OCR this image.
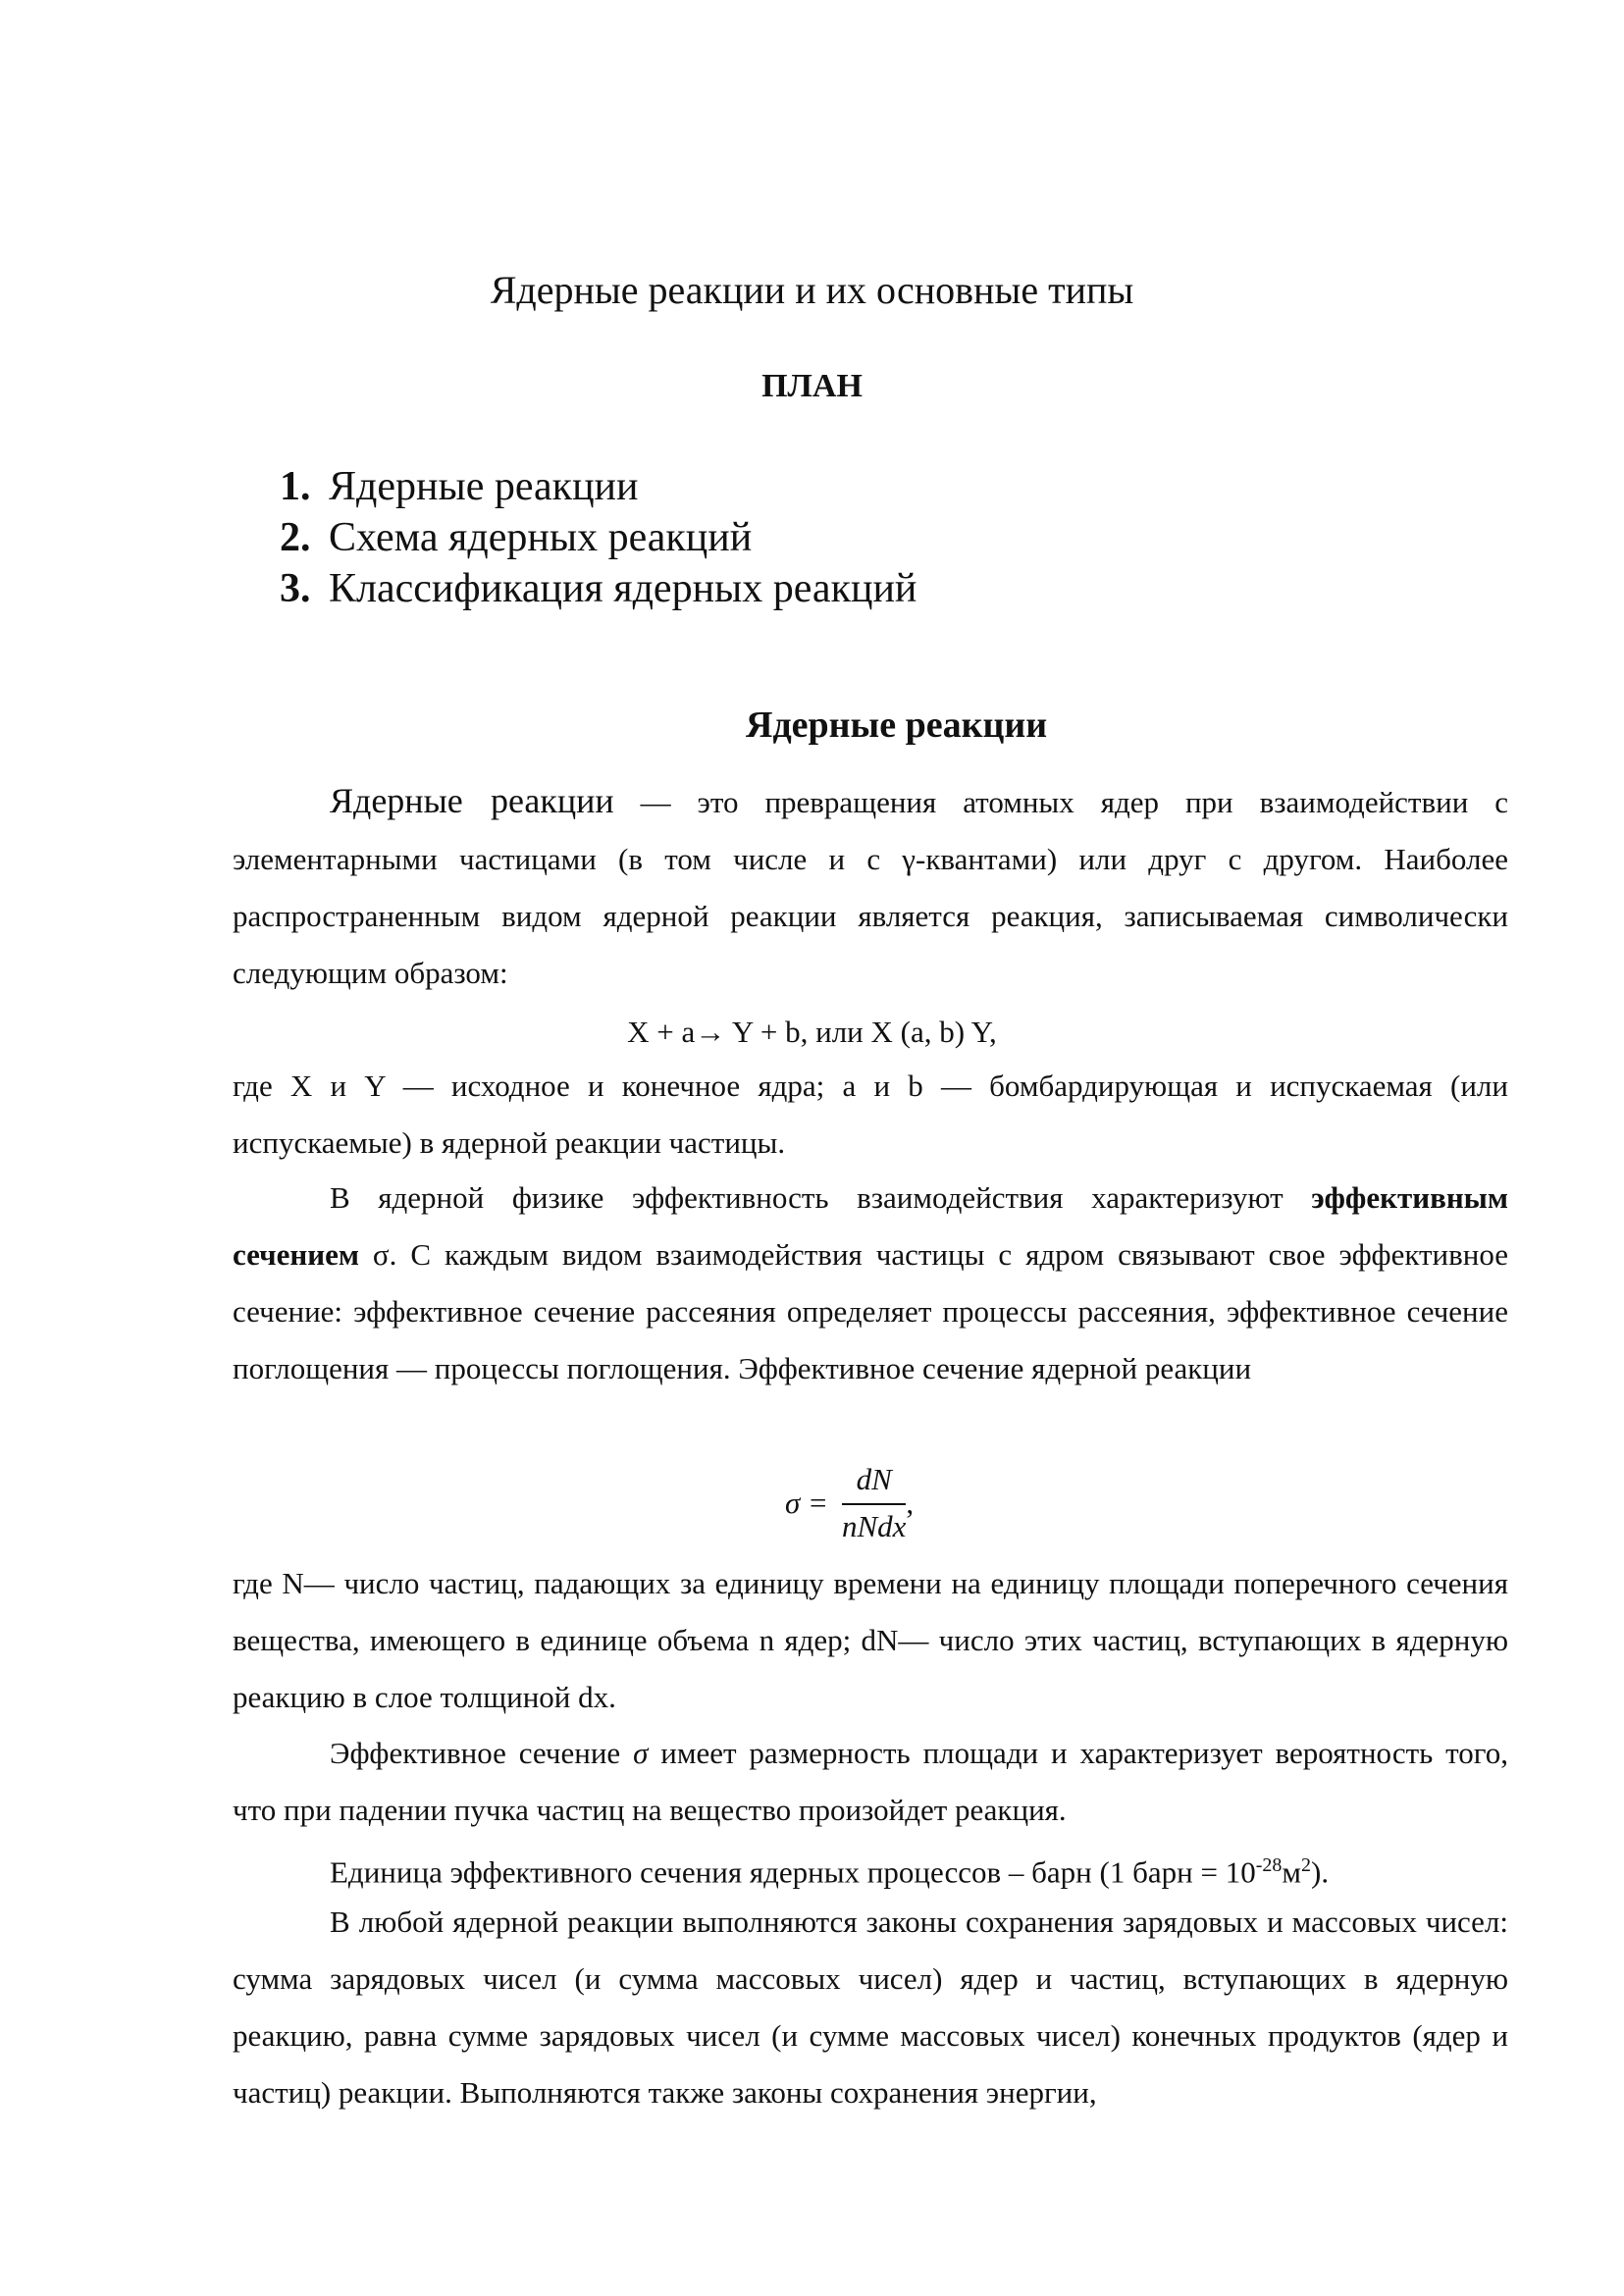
Ядерные реакции и их основные типы
ПЛАН
1. Ядерные реакции
2. Схема ядерных реакций
3. Классификация ядерных реакций
Ядерные реакции

Ядерные реакции — это превращения атомных ядер при взаимодействии с элементарными частицами (в том числе и с γ-квантами) или друг с другом. Наиболее распространенным видом ядерной реакции является реакция, записываемая символически следующим образом:

X + a→ Y + b, или X (a, b) Y,

где X и Y — исходное и конечное ядра; a и b — бомбардирующая и испускаемая (или испускаемые) в ядерной реакции частицы.

В ядерной физике эффективность взаимодействия характеризуют эффективным сечением σ. С каждым видом взаимодействия частицы с ядром связывают свое эффективное сечение: эффективное сечение рассеяния определяет процессы рассеяния, эффективное сечение поглощения — процессы поглощения. Эффективное сечение ядерной реакции

$\sigma = \frac{dN}{\text{nNdx}}$ ,

где N— число частиц, падающих за единицу времени на единицу площади поперечного сечения вещества, имеющего в единице объема n ядер; dN— число этих частиц, вступающих в ядерную реакцию в слое толщиной dx.

Эффективное сечение σ имеет размерность площади и характеризует вероятность того, что при падении пучка частиц на вещество произойдет реакция.

Единица эффективного сечения ядерных процессов – барн (1 барн = $10^{-28}м^2$).

В любой ядерной реакции выполняются законы сохранения зарядовых и массовых чисел: сумма зарядовых чисел (и сумма массовых чисел) ядер и частиц, вступающих в ядерную реакцию, равна сумме зарядовых чисел (и сумме массовых чисел) конечных продуктов (ядер и частиц) реакции. Выполняются также законы сохранения энергии,
